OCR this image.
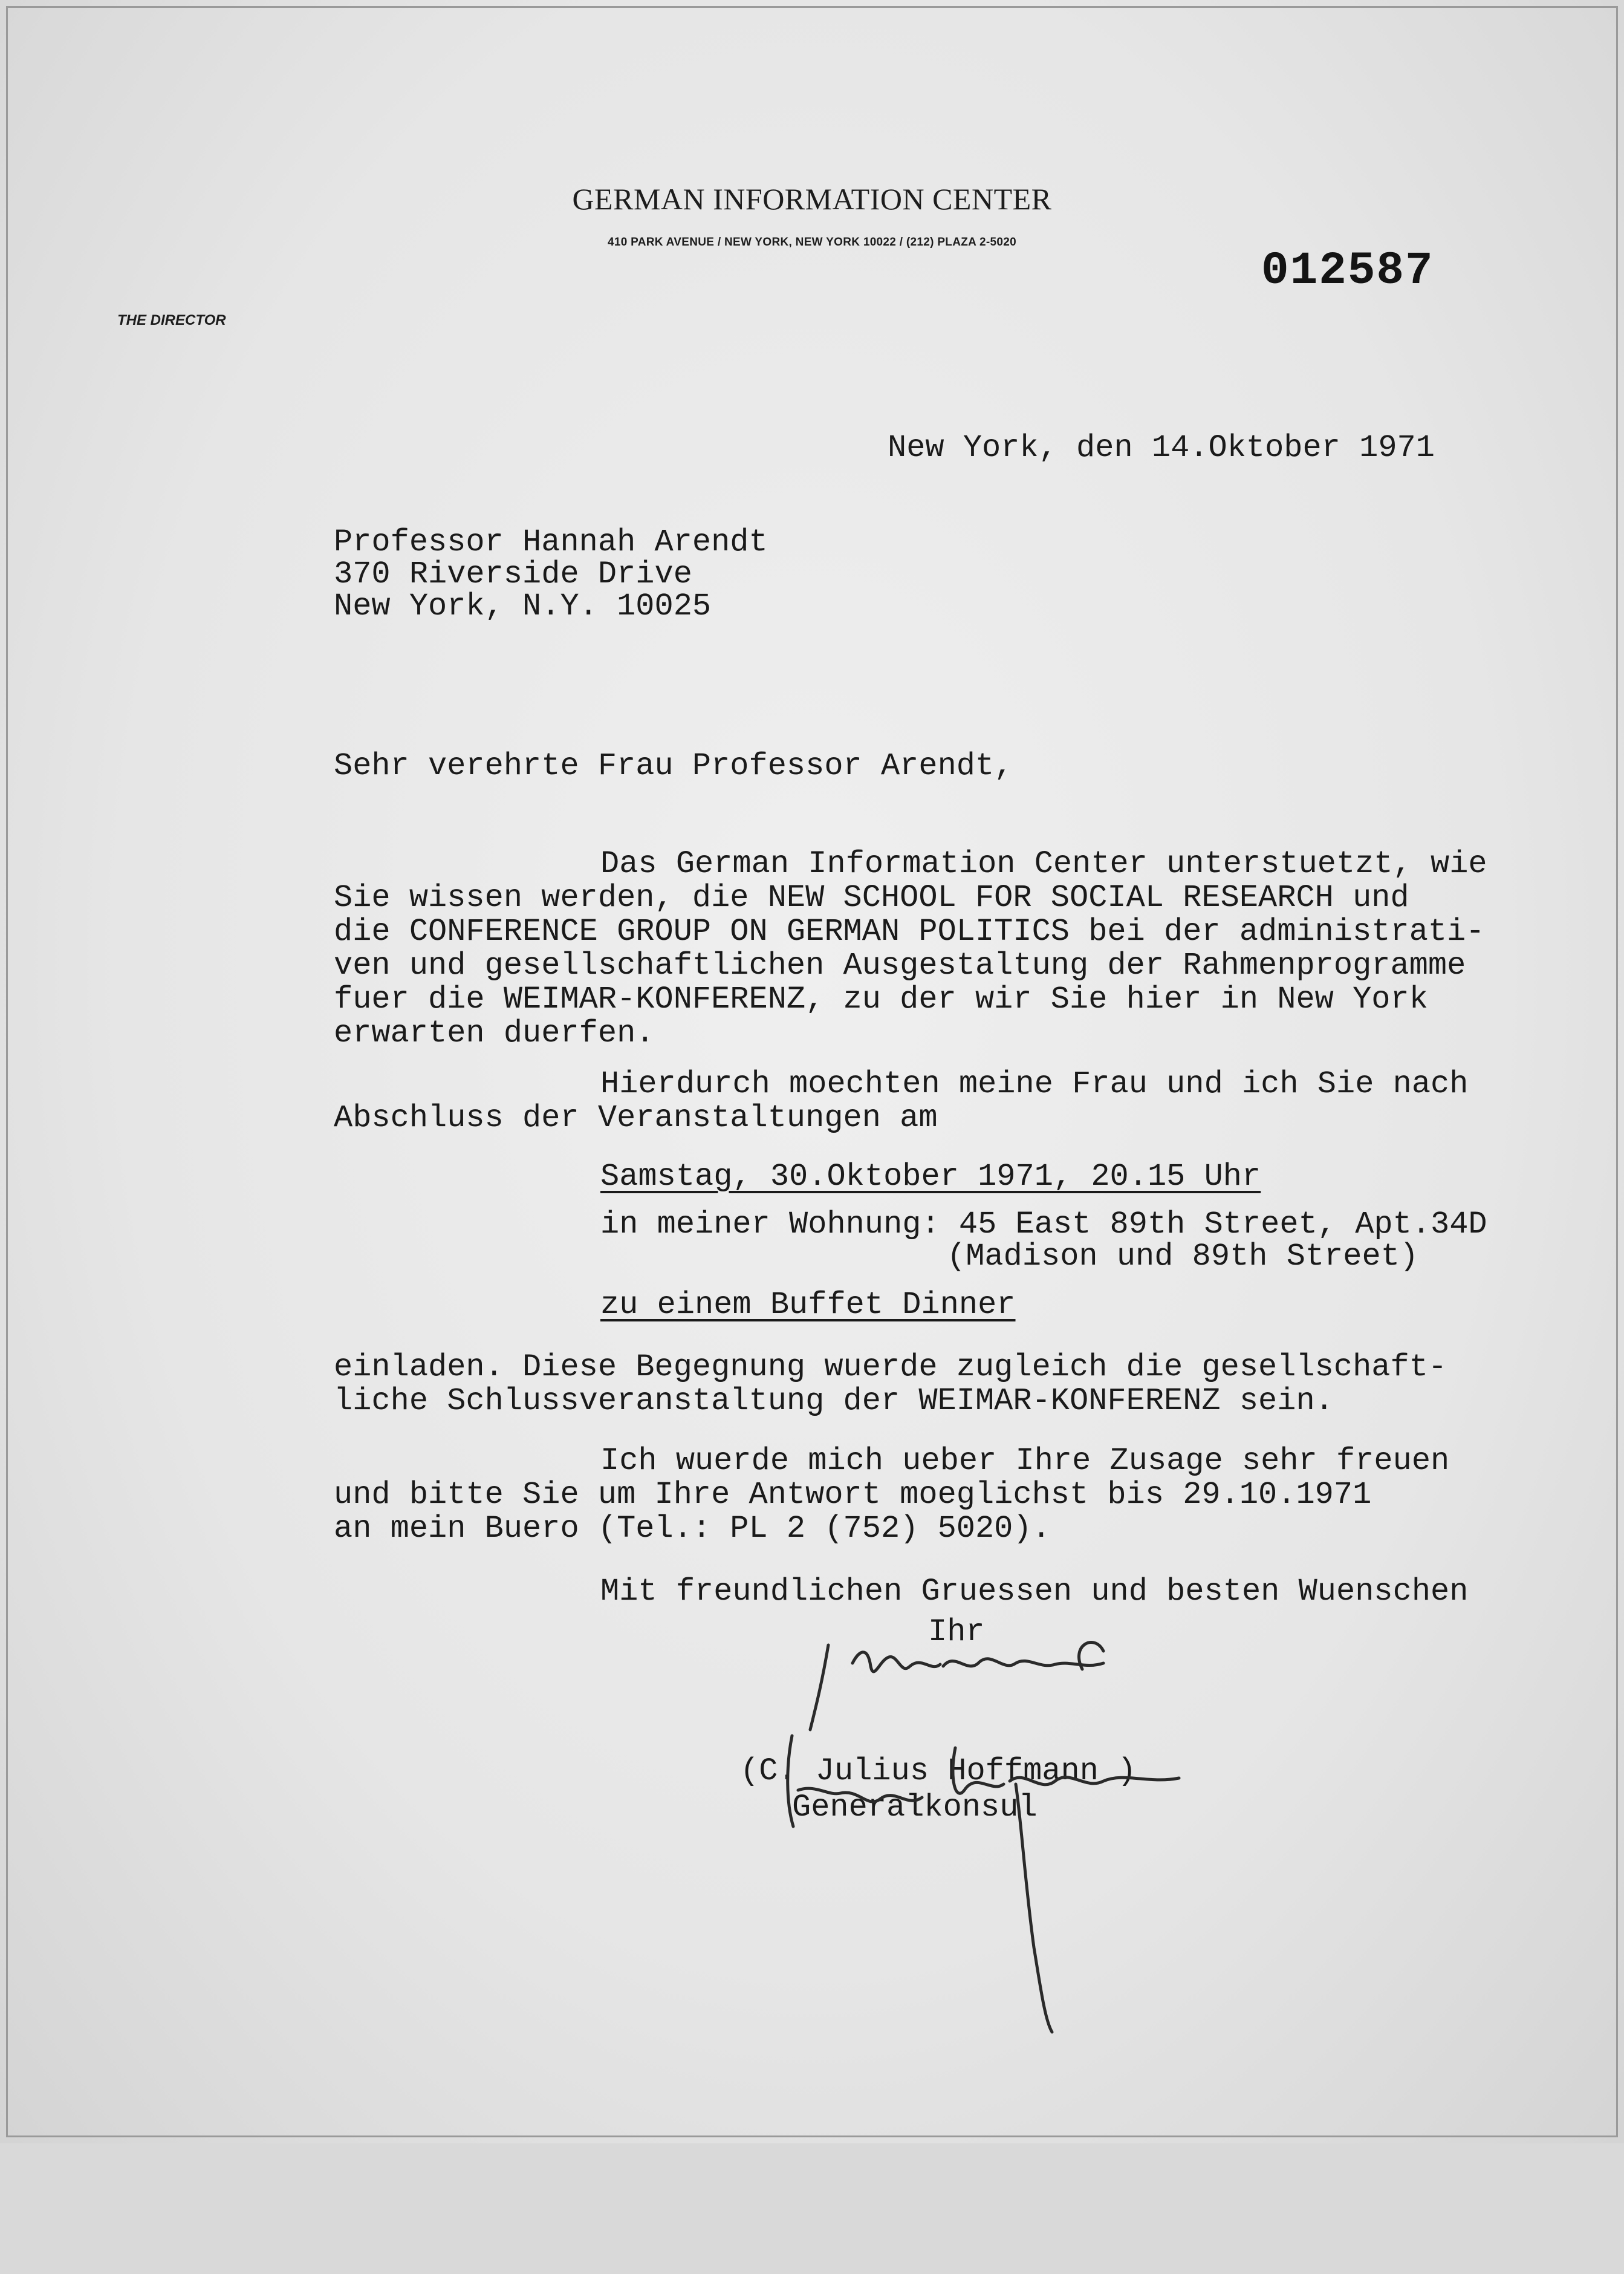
GERMAN INFORMATION CENTER
410 PARK AVENUE / NEW YORK, NEW YORK 10022 / (212) PLAZA 2-5020
THE DIRECTOR
012587
New York, den 14.Oktober 1971
Professor Hannah Arendt
370 Riverside Drive
New York, N.Y. 10025
Sehr verehrte Frau Professor Arendt,
Das German Information Center unterstuetzt, wie
Sie wissen werden, die NEW SCHOOL FOR SOCIAL RESEARCH und
die CONFERENCE GROUP ON GERMAN POLITICS bei der administrati-
ven und gesellschaftlichen Ausgestaltung der Rahmenprogramme
fuer die WEIMAR-KONFERENZ, zu der wir Sie hier in New York
erwarten duerfen.
Hierdurch moechten meine Frau und ich Sie nach
Abschluss der Veranstaltungen am
Samstag, 30.Oktober 1971, 20.15 Uhr
in meiner Wohnung: 45 East 89th Street, Apt.34D
(Madison und 89th Street)
zu einem Buffet Dinner
einladen. Diese Begegnung wuerde zugleich die gesellschaft-
liche Schlussveranstaltung der WEIMAR-KONFERENZ sein.
Ich wuerde mich ueber Ihre Zusage sehr freuen
und bitte Sie um Ihre Antwort moeglichst bis 29.10.1971
an mein Buero (Tel.: PL 2 (752) 5020).
Mit freundlichen Gruessen und besten Wuenschen
Ihr
(C. Julius Hoffmann )
Generalkonsul
